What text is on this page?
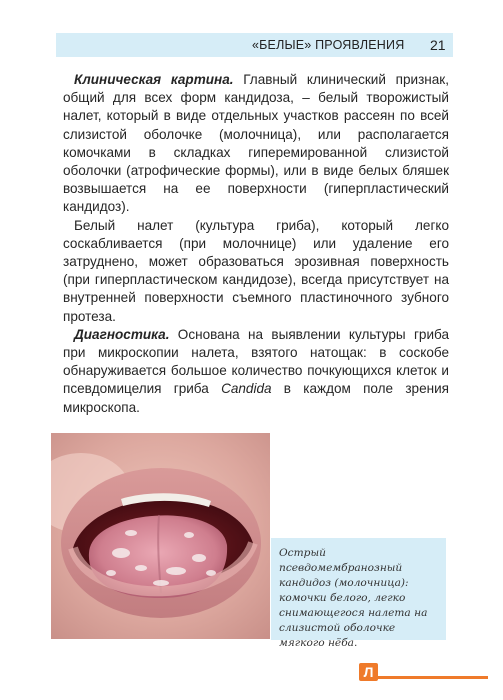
«БЕЛЫЕ» ПРОЯВЛЕНИЯ 21

Клиническая картина. Главный клинический признак, общий для всех форм кандидоза, – белый творожистый налет, который в виде отдельных участков рассеян по всей слизистой оболочке (молочница), или располагается комочками в складках гиперемированной слизистой оболочки (атрофические формы), или в виде белых бляшек возвышается на ее поверхности (гиперпластический кандидоз).

Белый налет (культура гриба), который легко соскабливается (при молочнице) или удаление его затруднено, может образоваться эрозивная поверхность (при гиперпластическом кандидозе), всегда присутствует на внутренней поверхности съемного пластиночного зубного протеза.

Диагностика. Основана на выявлении культуры гриба при микроскопии налета, взятого натощак: в соскобе обнаруживается большое количество почкующихся клеток и псевдомицелия гриба Candida в каждом поле зрения микроскопа.

Острый псевдомембранозный кандидоз (молочница): комочки белого, легко снимающегося налета на слизистой оболочке мягкого нёба.
Л
